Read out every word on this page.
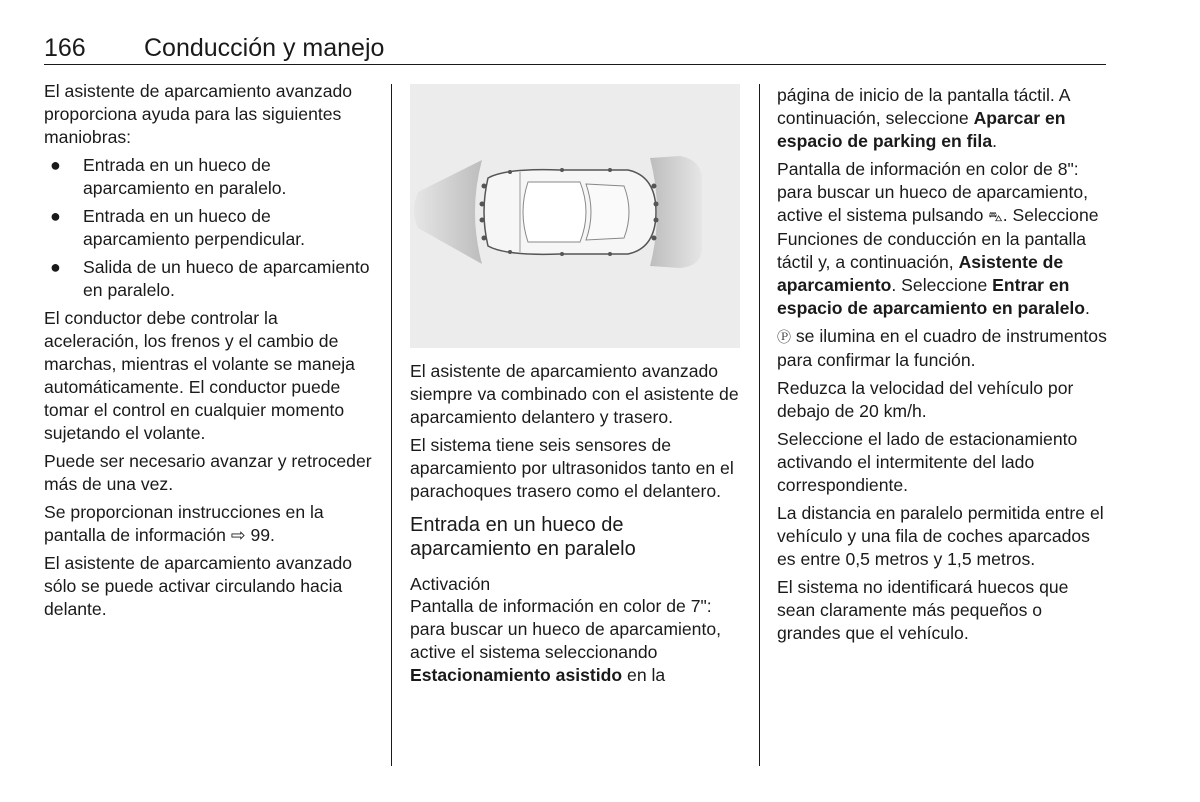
166 Conducción y manejo

El asistente de aparcamiento avanzado proporciona ayuda para las siguientes maniobras:

● Entrada en un hueco de aparcamiento en paralelo.
● Entrada en un hueco de aparcamiento perpendicular.
● Salida de un hueco de aparcamiento en paralelo.

El conductor debe controlar la aceleración, los frenos y el cambio de marchas, mientras el volante se maneja automáticamente. El conductor puede tomar el control en cualquier momento sujetando el volante.

Puede ser necesario avanzar y retroceder más de una vez.

Se proporcionan instrucciones en la pantalla de información ⇨ 99.

El asistente de aparcamiento avanzado sólo se puede activar circulando hacia delante.

El asistente de aparcamiento avanzado siempre va combinado con el asistente de aparcamiento delantero y trasero.

El sistema tiene seis sensores de aparcamiento por ultrasonidos tanto en el parachoques trasero como el delantero.

Entrada en un hueco de aparcamiento en paralelo
Activación

Pantalla de información en color de 7": para buscar un hueco de aparcamiento, active el sistema seleccionando Estacionamiento asistido en la

página de inicio de la pantalla táctil. A continuación, seleccione Aparcar en espacio de parking en fila.

Pantalla de información en color de 8": para buscar un hueco de aparcamiento, active el sistema pulsando ⛍. Seleccione Funciones de conducción en la pantalla táctil y, a continuación, Asistente de aparcamiento. Seleccione Entrar en espacio de aparcamiento en paralelo.

Ⓟ se ilumina en el cuadro de instrumentos para confirmar la función.

Reduzca la velocidad del vehículo por debajo de 20 km/h.

Seleccione el lado de estacionamiento activando el intermitente del lado correspondiente.

La distancia en paralelo permitida entre el vehículo y una fila de coches aparcados es entre 0,5 metros y 1,5 metros.

El sistema no identificará huecos que sean claramente más pequeños o grandes que el vehículo.
